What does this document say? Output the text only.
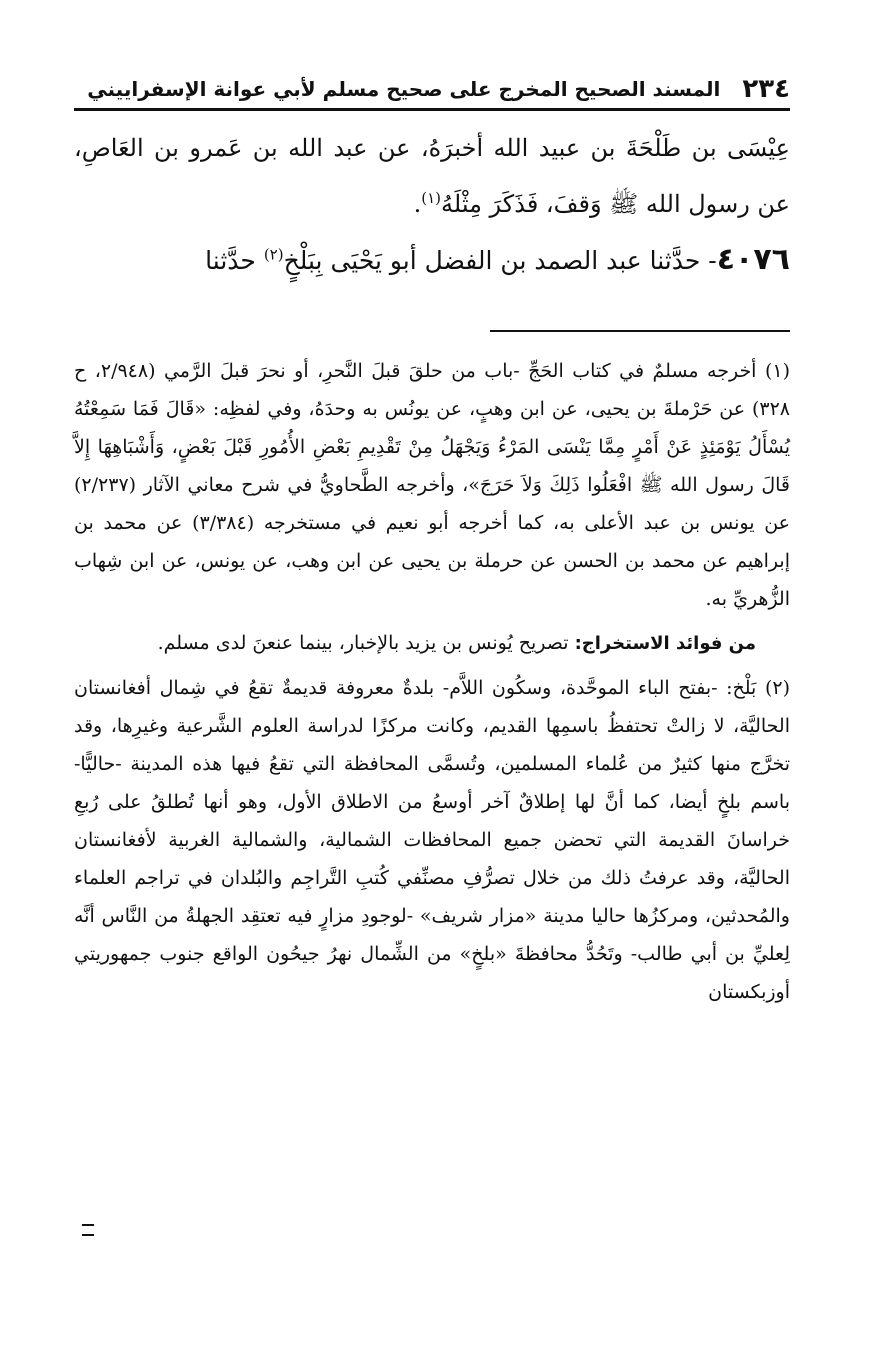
٢٣٤
المسند الصحيح المخرج على صحيح مسلم لأبي عوانة الإسفراييني

عِيْسَى بن طَلْحَةَ بن عبيد الله أخبرَهُ، عن عبد الله بن عَمرو بن العَاصِ، عن رسول الله ﷺ وَقفَ، فَذَكَرَ مِثْلَهُ$^{(١)}$.

٤٠٧٦- حدَّثنا عبد الصمد بن الفضل أبو يَحْيَى بِبَلْخٍ$^{(٢)}$ حدَّثنا

(١) أخرجه مسلمٌ في كتاب الحَجِّ -باب من حلقَ قبلَ النَّحرِ، أو نحرَ قبلَ الرَّمي (٢/٩٤٨، ح ٣٢٨) عن حَرْملةَ بن يحيى، عن ابن وهبٍ، عن يونُس به وحدَهُ، وفي لفظِه: «قَالَ فَمَا سَمِعْتُهُ يُسْأَلُ يَوْمَئِذٍ عَنْ أَمْرٍ مِمَّا يَنْسَى المَرْءُ وَيَجْهَلُ مِنْ تَقْدِيمِ بَعْضِ الأُمُورِ قَبْلَ بَعْضٍ، وَأَشْبَاهِهَا إِلاَّ قَالَ رسول الله ﷺ افْعَلُوا ذَلِكَ وَلاَ حَرَجَ»، وأخرجه الطَّحاويُّ في شرح معاني الآثار (٢/٢٣٧) عن يونس بن عبد الأعلى به، كما أخرجه أبو نعيم في مستخرجه (٣/٣٨٤) عن محمد بن إبراهيم عن محمد بن الحسن عن حرملة بن يحيى عن ابن وهب، عن يونس، عن ابن شِهاب الزُّهريِّ به.

من فوائد الاستخراج: تصريح يُونس بن يزيد بالإخبار، بينما عنعنَ لدى مسلم.

(٢) بَلْخ: -بفتح الباء الموحَّدة، وسكُون اللاَّم- بلدةٌ معروفة قديمةٌ تقعُ في شِمال أفغانستان الحاليَّة، لا زالتْ تحتفظُ باسمِها القديم، وكانت مركزًا لدراسة العلوم الشَّرعية وغيرِها، وقد تخرَّج منها كثيرٌ من عُلماء المسلمين، وتُسمَّى المحافظة التي تقعُ فيها هذه المدينة -حاليًّا- باسم بلخٍ أيضا، كما أنَّ لها إطلاقٌ آخر أوسعُ من الاطلاق الأول، وهو أنها تُطلقُ على رُبعِ خراسانَ القديمة التي تحضن جميع المحافظات الشمالية، والشمالية الغربية لأفغانستان الحاليَّة، وقد عرفتُ ذلك من خلال تصرُّفِ مصنِّفي كُتبِ التَّراجِم والبُلدان في تراجم العلماء والمُحدثين، ومركزُها حاليا مدينة «مزار شريف» -لوجودِ مزارٍ فيه تعتقِد الجهلةُ من النَّاس أنَّه لِعليِّ بن أبي طالب- وتَحُدُّ محافظةَ «بلخٍ» من الشِّمال نهرُ جيحُون الواقع جنوب جمهوريتي أوزبكستان
